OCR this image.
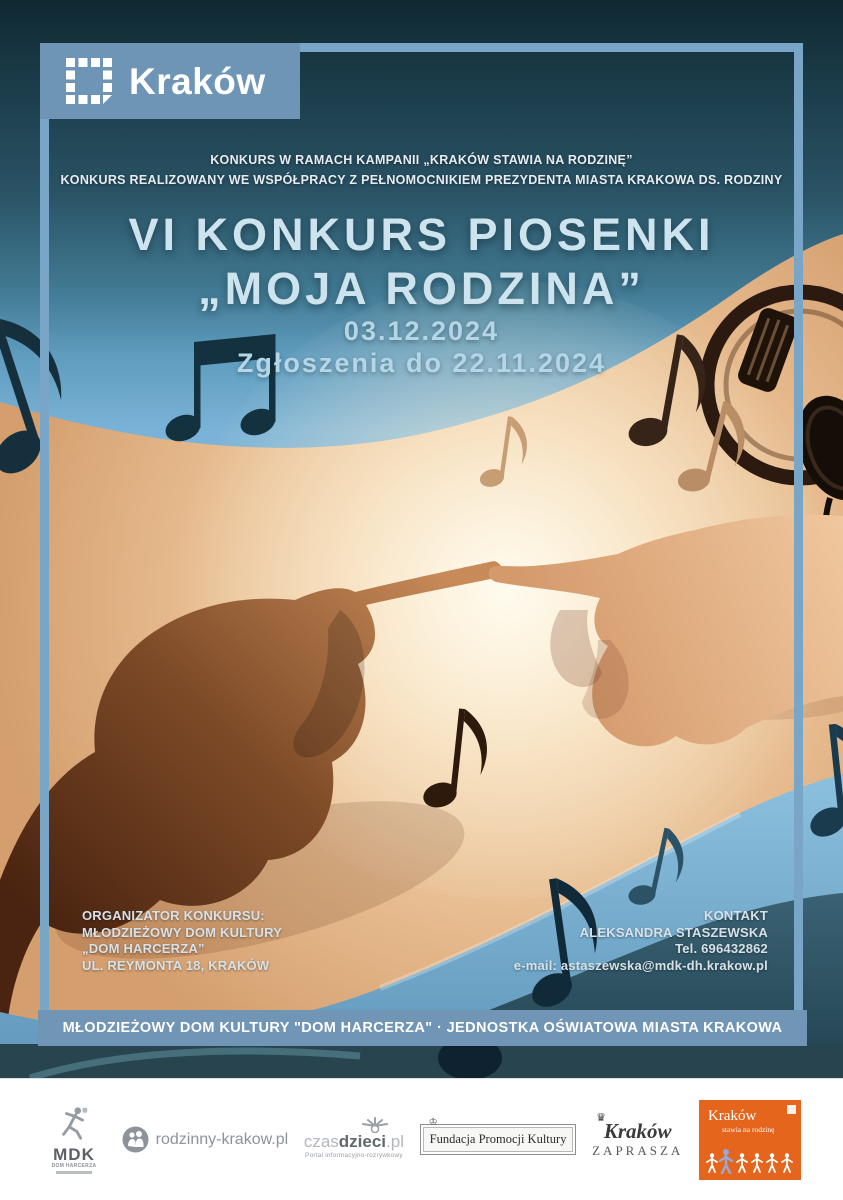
Kraków
KONKURS W RAMACH KAMPANII „KRAKÓW STAWIA NA RODZINĘ”
KONKURS REALIZOWANY WE WSPÓŁPRACY Z PEŁNOMOCNIKIEM PREZYDENTA MIASTA KRAKOWA DS. RODZINY
VI KONKURS PIOSENKI
„MOJA RODZINA”
03.12.2024
Zgłoszenia do 22.11.2024
ORGANIZATOR KONKURSU:
MŁODZIEŻOWY DOM KULTURY
„DOM HARCERZA”
UL. REYMONTA 18, KRAKÓW
KONTAKT
ALEKSANDRA STASZEWSKA
Tel. 696432862
e-mail: astaszewska@mdk-dh.krakow.pl
MŁODZIEŻOWY DOM KULTURY "DOM HARCERZA" · JEDNOSTKA OŚWIATOWA MIASTA KRAKOWA
MDK
DOM HARCERZA
rodzinny-krakow.pl czasdzieci.pl
Portal informacyjno-rozrywkowy
♔
Fundacja Promocji Kultury
♛
Kraków
ZAPRASZA
Kraków
stawia na rodzinę
